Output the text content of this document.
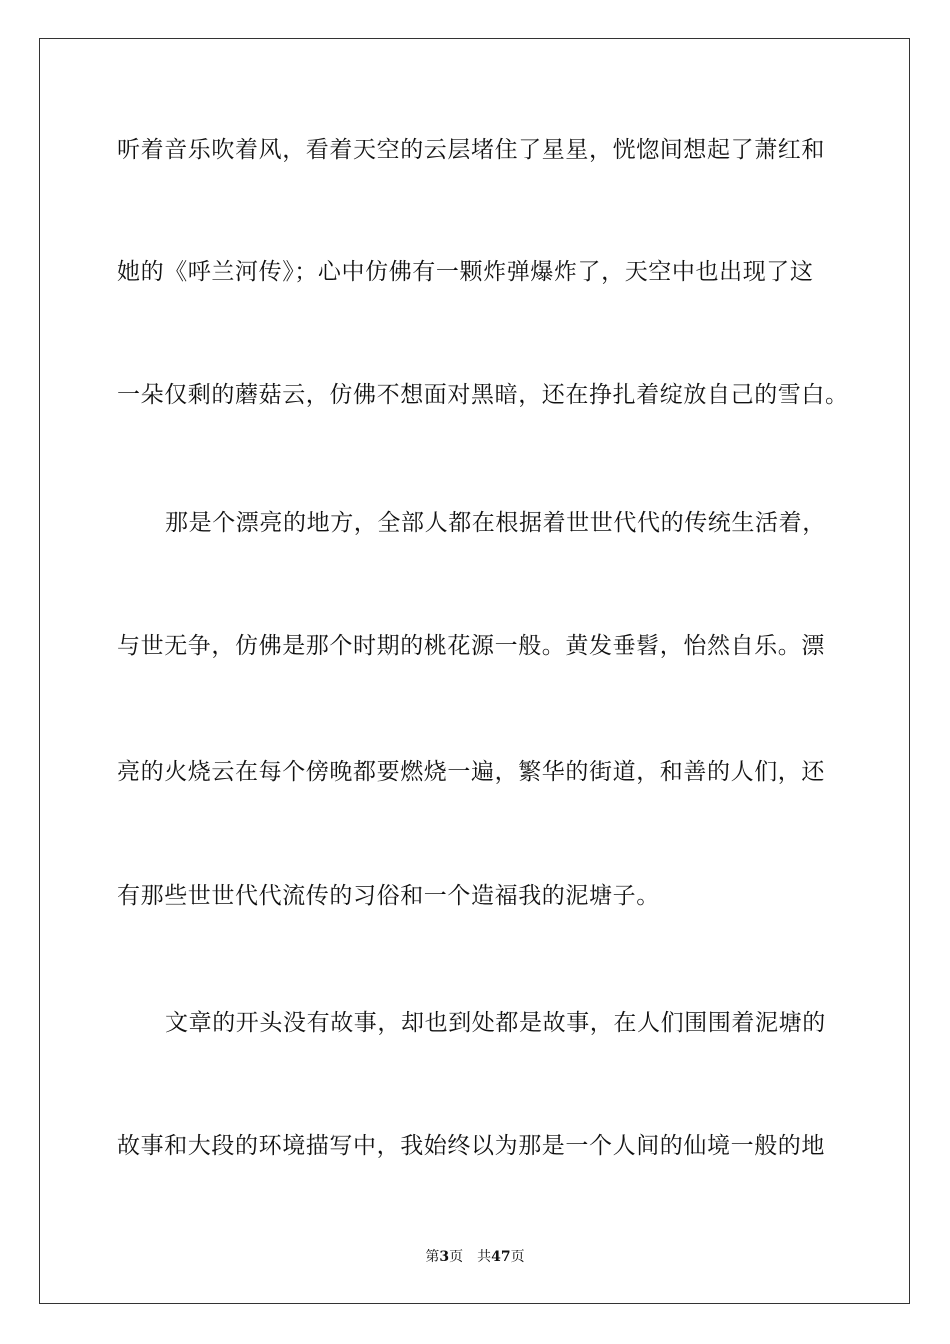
听着音乐吹着风，看着天空的云层堵住了星星，恍惚间想起了萧红和
她的《呼兰河传》；心中仿佛有一颗炸弹爆炸了，天空中也出现了这
一朵仅剩的蘑菇云，仿佛不想面对黑暗，还在挣扎着绽放自己的雪白。
那是个漂亮的地方，全部人都在根据着世世代代的传统生活着，
与世无争，仿佛是那个时期的桃花源一般。黄发垂髫，怡然自乐。漂
亮的火烧云在每个傍晚都要燃烧一遍，繁华的街道，和善的人们，还
有那些世世代代流传的习俗和一个造福我的泥塘子。
文章的开头没有故事，却也到处都是故事，在人们围围着泥塘的
故事和大段的环境描写中，我始终以为那是一个人间的仙境一般的地
第3页 共47页
